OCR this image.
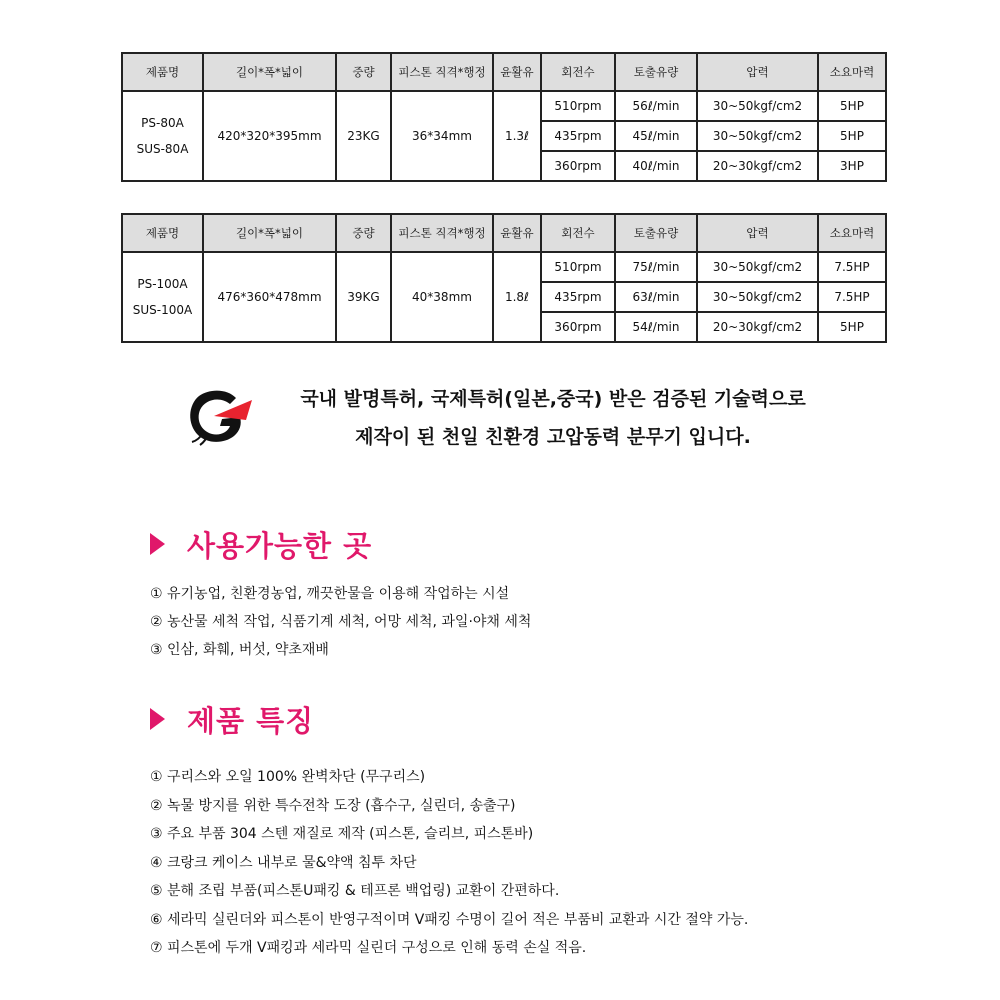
제품명	길이*폭*넓이	중량	피스톤 직격*행정	윤활유	회전수	토출유량	압력	소요마력

PS-80A
SUS-80A	420*320*395mm	23KG	36*34mm	1.3ℓ	510rpm	56ℓ/min	30~50kgf/cm2	5HP
					435rpm	45ℓ/min	30~50kgf/cm2	5HP
					360rpm	40ℓ/min	20~30kgf/cm2	3HP
제품명	길이*폭*넓이	중량	피스톤 직격*행정	윤활유	회전수	토출유량	압력	소요마력

PS-100A
SUS-100A	476*360*478mm	39KG	40*38mm	1.8ℓ	510rpm	75ℓ/min	30~50kgf/cm2	7.5HP
					435rpm	63ℓ/min	30~50kgf/cm2	7.5HP
					360rpm	54ℓ/min	20~30kgf/cm2	5HP
국내 발명특허, 국제특허(일본,중국) 받은 검증된 기술력으로
제작이 된 천일 친환경 고압동력 분무기 입니다.
사용가능한 곳
① 유기농업, 친환경농업, 깨끗한물을 이용해 작업하는 시설
② 농산물 세척 작업, 식품기계 세척, 어망 세척, 과일·야채 세척
③ 인삼, 화훼, 버섯, 약초재배
제품 특징
① 구리스와 오일 100% 완벽차단 (무구리스)
② 녹물 방지를 위한 특수전착 도장 (흡수구, 실린더, 송출구)
③ 주요 부품 304 스텐 재질로 제작 (피스톤, 슬리브, 피스톤바)
④ 크랑크 케이스 내부로 물&약액 침투 차단
⑤ 분해 조립 부품(피스톤U패킹 & 테프론 백업링) 교환이 간편하다.
⑥ 세라믹 실린더와 피스톤이 반영구적이며 V패킹 수명이 길어 적은 부품비 교환과 시간 절약 가능.
⑦ 피스톤에 두개 V패킹과 세라믹 실린더 구성으로 인해 동력 손실 적음.
